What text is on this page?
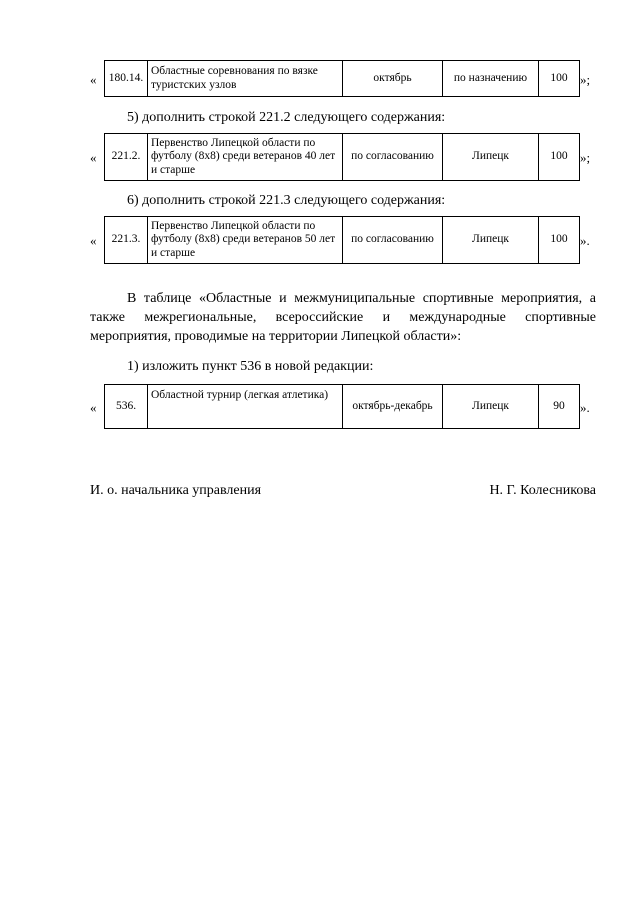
« 180.14.	Областные соревнования по вязке туристских узлов	октябрь	по назначению	100 »;
5) дополнить строкой 221.2 следующего содержания:
« 221.2.	Первенство Липецкой области по футболу (8х8) среди ветеранов 40 лет и старше	по согласованию	Липецк	100 »;
6) дополнить строкой 221.3 следующего содержания:
« 221.3.	Первенство Липецкой области по футболу (8х8) среди ветеранов 50 лет и старше	по согласованию	Липецк	100 ».
В таблице «Областные и межмуниципальные спортивные мероприятия, а также межрегиональные, всероссийские и международные спортивные мероприятия, проводимые на территории Липецкой области»:
1) изложить пункт 536 в новой редакции:
« 536.	Областной турнир (легкая атлетика)	октябрь-декабрь	Липецк	90 ».
И. о. начальника управления	Н. Г. Колесникова
